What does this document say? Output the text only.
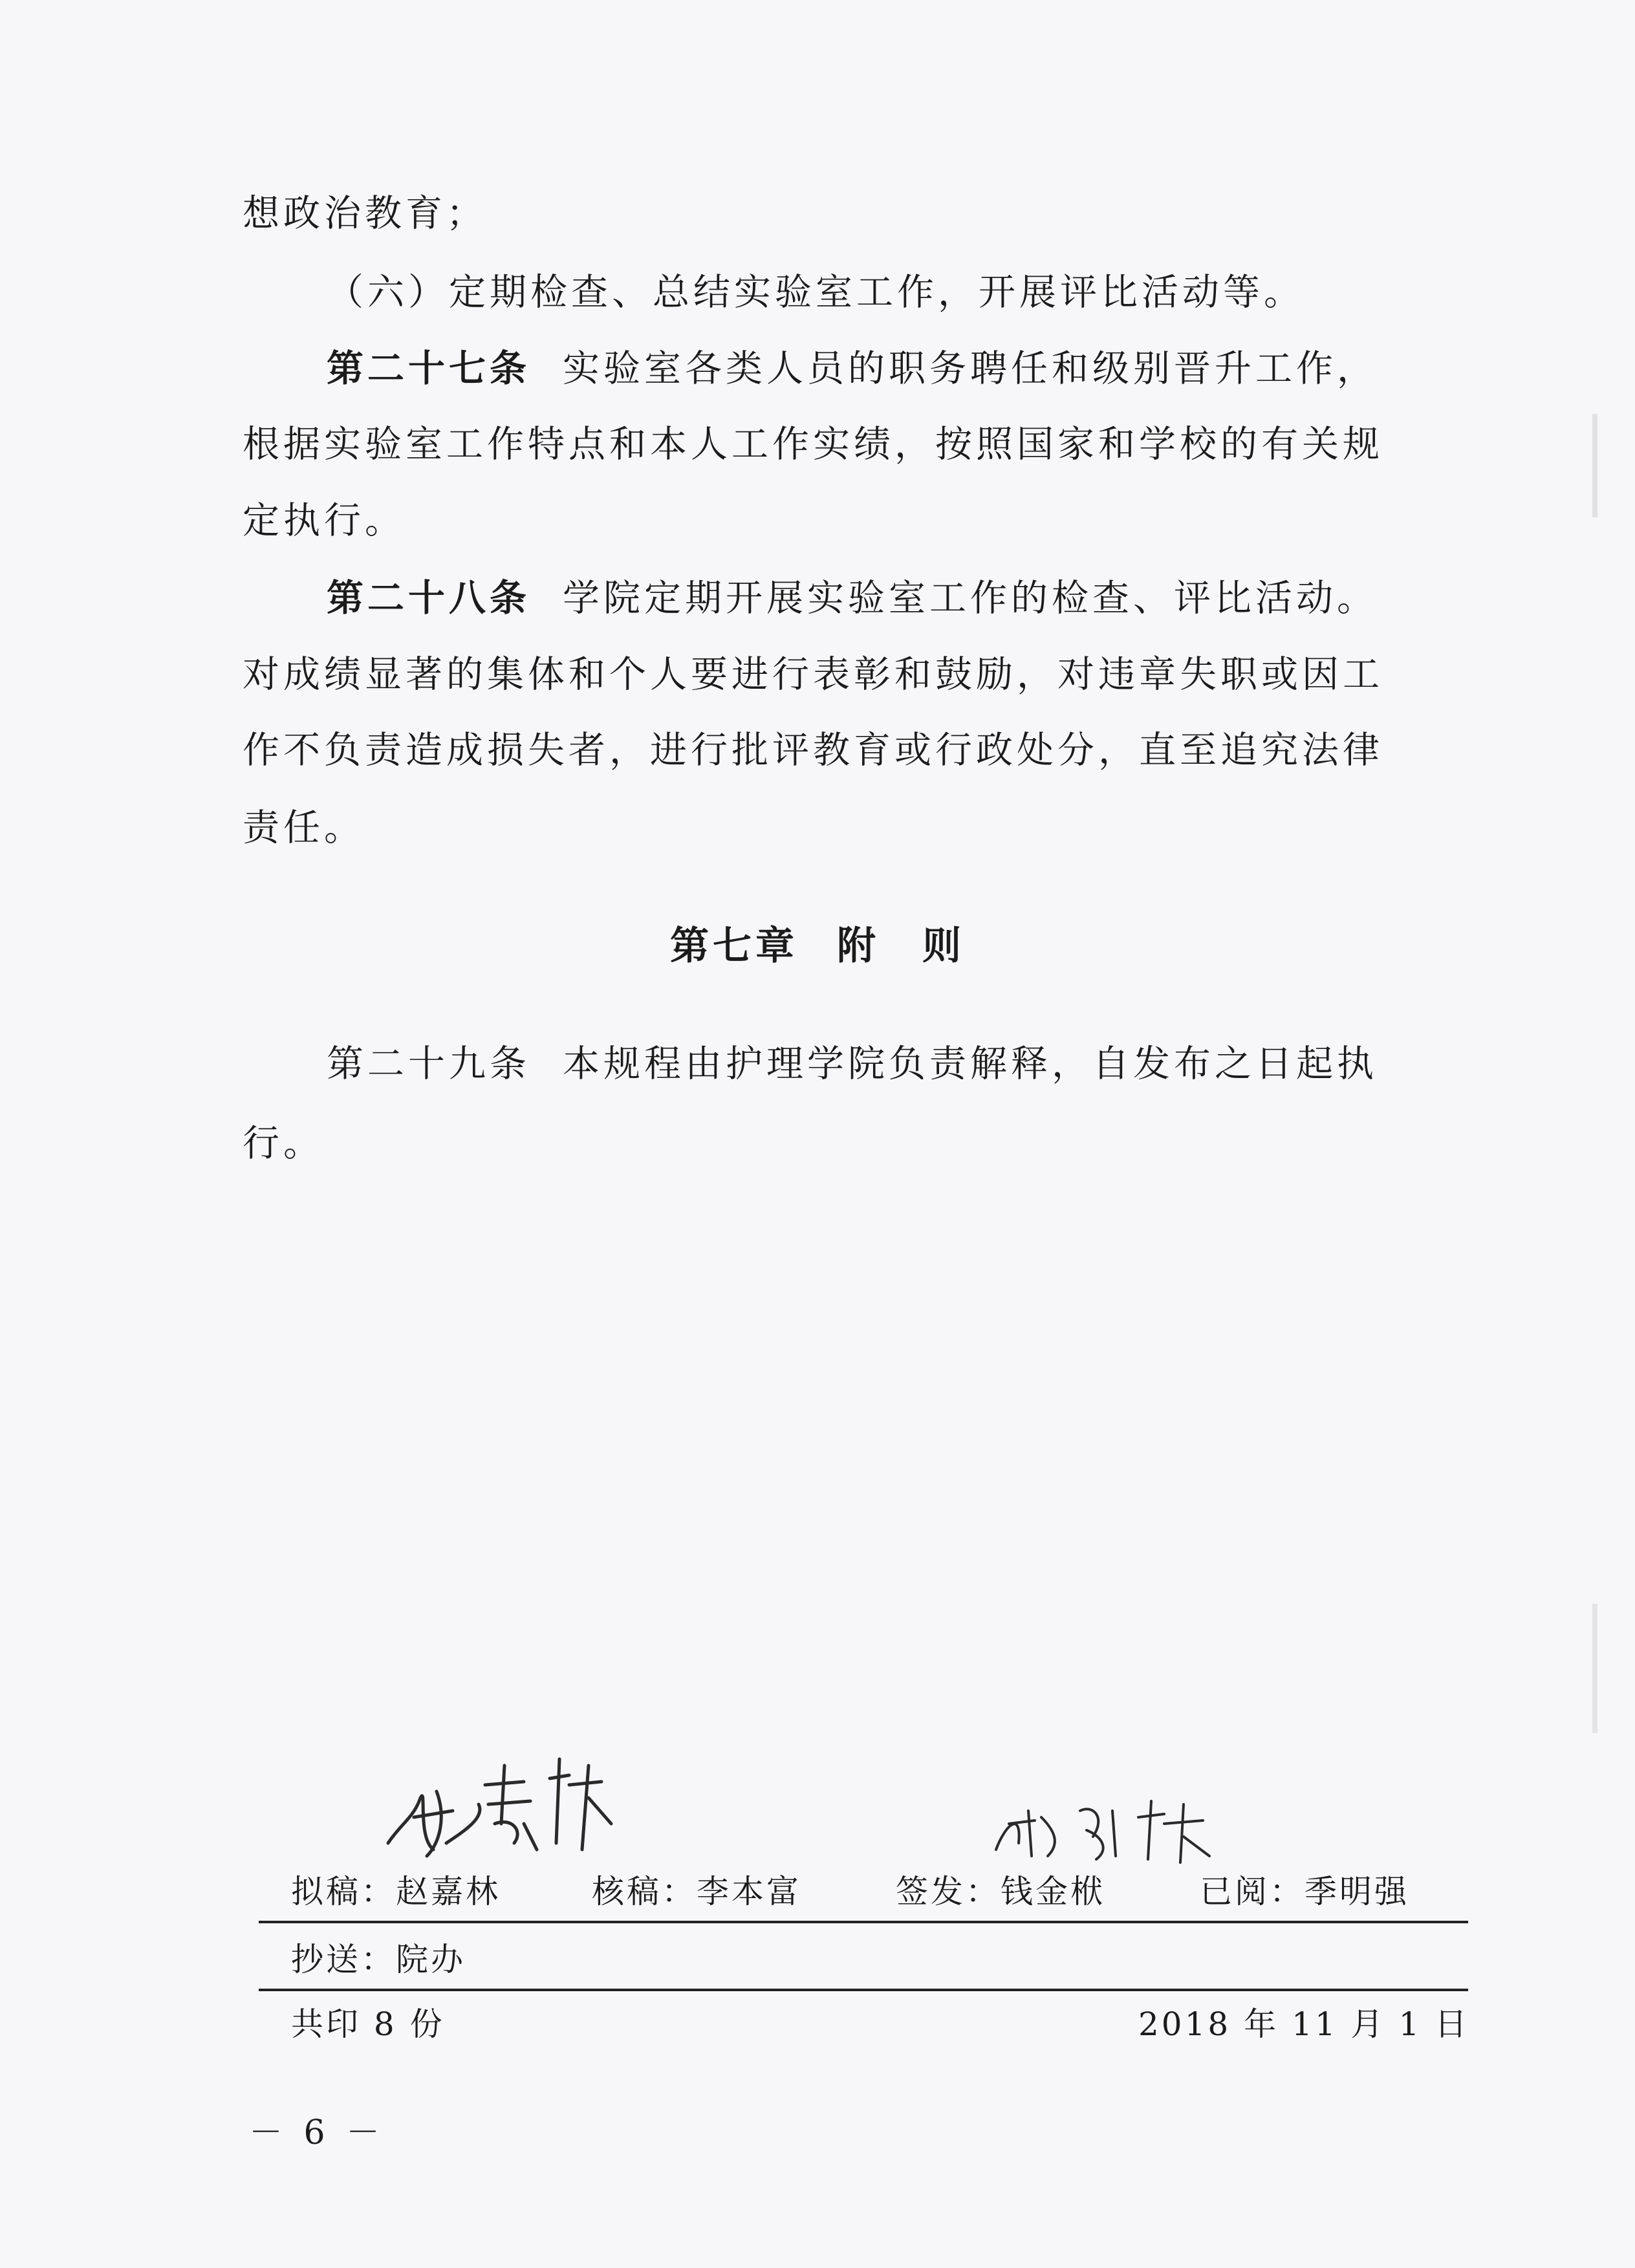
想政治教育；
（六）定期检查、总结实验室工作，开展评比活动等。
第二十七条 实验室各类人员的职务聘任和级别晋升工作，
根据实验室工作特点和本人工作实绩，按照国家和学校的有关规
定执行。
第二十八条 学院定期开展实验室工作的检查、评比活动。
对成绩显著的集体和个人要进行表彰和鼓励，对违章失职或因工
作不负责造成损失者，进行批评教育或行政处分，直至追究法律
责任。
第七章 附　则
第二十九条 本规程由护理学院负责解释，自发布之日起执
行。
拟稿：赵嘉林	核稿：李本富	签发：钱金栿	已阅：季明强
抄送：院办
共印 8 份	2018 年 11 月 1 日
－ 6 －
